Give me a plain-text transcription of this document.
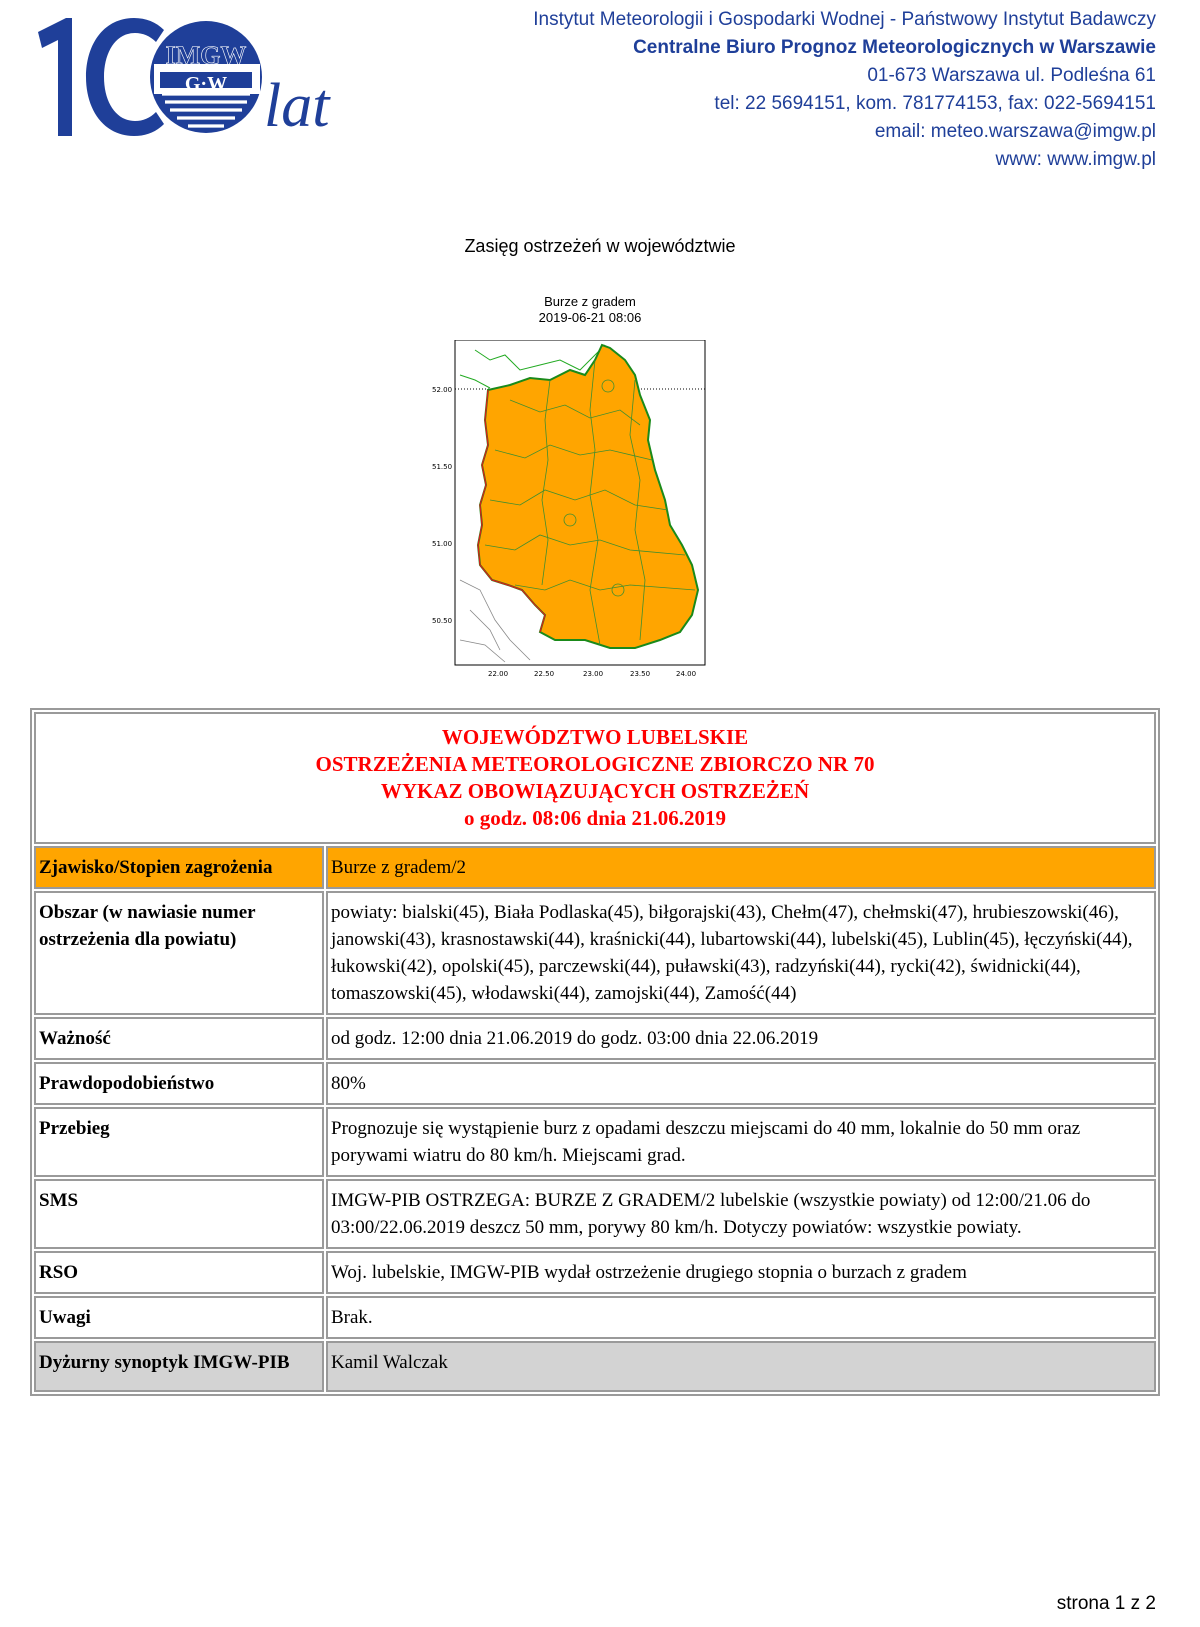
IMGW
G·W lat
Instytut Meteorologii i Gospodarki Wodnej - Państwowy Instytut Badawczy
Centralne Biuro Prognoz Meteorologicznych w Warszawie
01-673 Warszawa ul. Podleśna 61
tel: 22 5694151, kom. 781774153, fax: 022-5694151
email: meteo.warszawa@imgw.pl
www: www.imgw.pl
Zasięg ostrzeżeń w województwie
Burze z gradem
2019-06-21 08:06
52.00
51.50
51.00
50.50
22.00	22.50	23.00	23.50	24.00
WOJEWÓDZTWO LUBELSKIE
OSTRZEŻENIA METEOROLOGICZNE ZBIORCZO NR 70
WYKAZ OBOWIĄZUJĄCYCH OSTRZEŻEŃ
o godz. 08:06 dnia 21.06.2019	

Zjawisko/Stopien zagrożenia	Burze z gradem/2
Obszar (w nawiasie numer ostrzeżenia dla powiatu)	powiaty: bialski(45), Biała Podlaska(45), biłgorajski(43), Chełm(47), chełmski(47), hrubieszowski(46), janowski(43), krasnostawski(44), kraśnicki(44), lubartowski(44), lubelski(45), Lublin(45), łęczyński(44), łukowski(42), opolski(45), parczewski(44), puławski(43), radzyński(44), rycki(42), świdnicki(44), tomaszowski(45), włodawski(44), zamojski(44), Zamość(44)
Ważność	od godz. 12:00 dnia 21.06.2019 do godz. 03:00 dnia 22.06.2019
Prawdopodobieństwo	80%
Przebieg	Prognozuje się wystąpienie burz z opadami deszczu miejscami do 40 mm, lokalnie do 50 mm oraz porywami wiatru do 80 km/h. Miejscami grad.
SMS	IMGW-PIB OSTRZEGA: BURZE Z GRADEM/2 lubelskie (wszystkie powiaty) od 12:00/21.06 do 03:00/22.06.2019 deszcz 50 mm, porywy 80 km/h. Dotyczy powiatów: wszystkie powiaty.
RSO	Woj. lubelskie, IMGW-PIB wydał ostrzeżenie drugiego stopnia o burzach z gradem
Uwagi	Brak.
Dyżurny synoptyk IMGW-PIB	Kamil Walczak
strona 1 z 2
